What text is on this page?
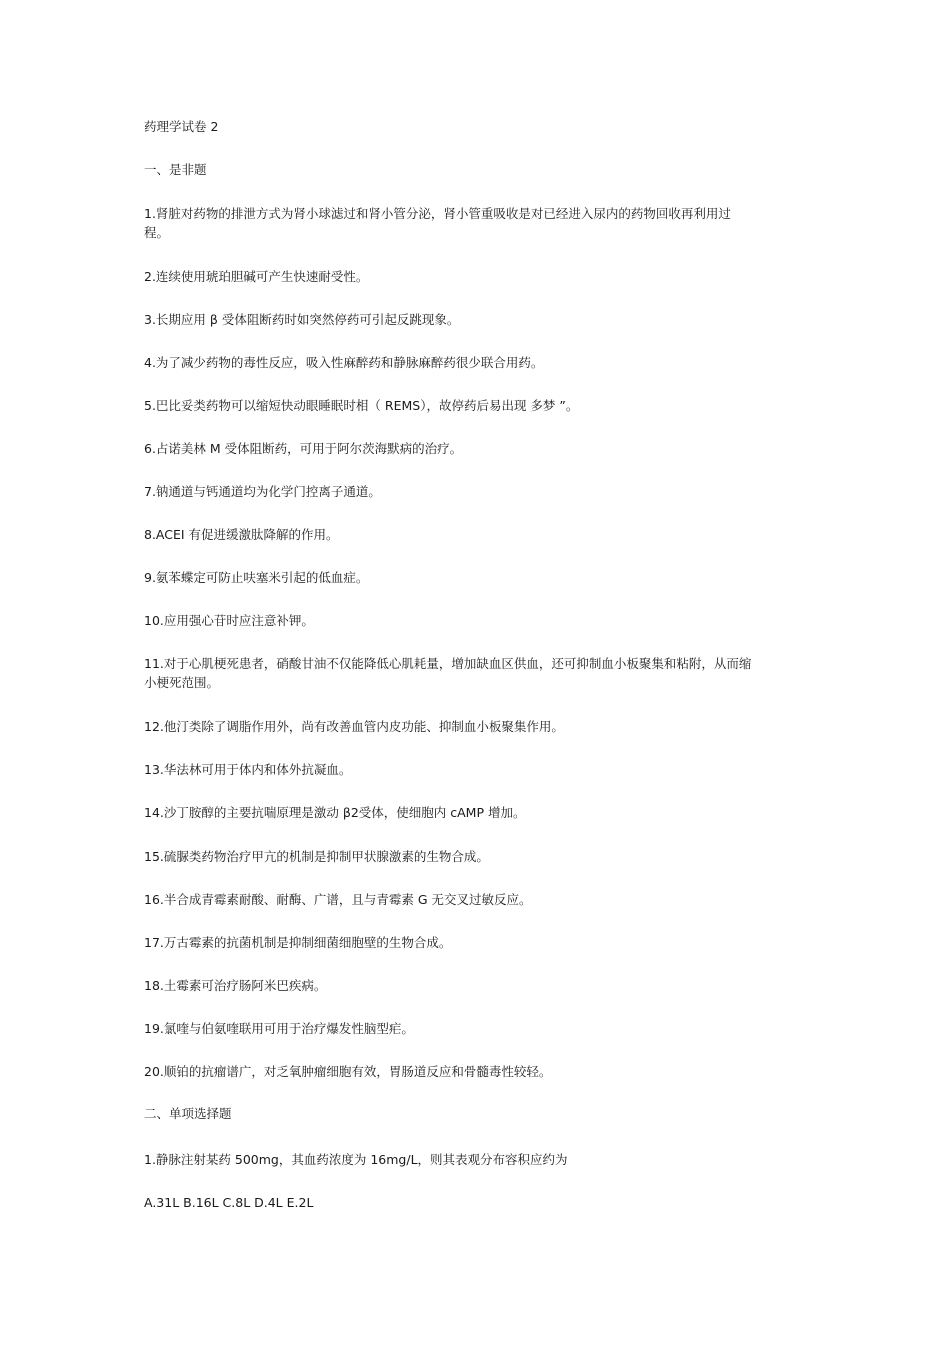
药理学试卷 2
一、是非题
1.肾脏对药物的排泄方式为肾小球滤过和肾小管分泌，肾小管重吸收是对已经进入尿内的药物回收再利用过程。
2.连续使用琥珀胆碱可产生快速耐受性。
3.长期应用 β 受体阻断药时如突然停药可引起反跳现象。
4.为了减少药物的毒性反应，吸入性麻醉药和静脉麻醉药很少联合用药。
5.巴比妥类药物可以缩短快动眼睡眠时相（ REMS），故停药后易出现 多梦 ”。
6.占诺美林 M 受体阻断药，可用于阿尔茨海默病的治疗。
7.钠通道与钙通道均为化学门控离子通道。
8.ACEI 有促进缓激肽降解的作用。
9.氨苯蝶定可防止呋塞米引起的低血症。
10.应用强心苷时应注意补钾。
11.对于心肌梗死患者，硝酸甘油不仅能降低心肌耗量，增加缺血区供血，还可抑制血小板聚集和粘附，从而缩小梗死范围。
12.他汀类除了调脂作用外，尚有改善血管内皮功能、抑制血小板聚集作用。
13.华法林可用于体内和体外抗凝血。
14.沙丁胺醇的主要抗喘原理是激动 β2受体，使细胞内 cAMP 增加。
15.硫脲类药物治疗甲亢的机制是抑制甲状腺激素的生物合成。
16.半合成青霉素耐酸、耐酶、广谱，且与青霉素 G 无交叉过敏反应。
17.万古霉素的抗菌机制是抑制细菌细胞壁的生物合成。
18.土霉素可治疗肠阿米巴疾病。
19.氯喹与伯氨喹联用可用于治疗爆发性脑型疟。
20.顺铂的抗瘤谱广，对乏氧肿瘤细胞有效，胃肠道反应和骨髓毒性较轻。
二、单项选择题
1.静脉注射某药 500mg，其血药浓度为 16mg/L，则其表观分布容积应约为
A.31L B.16L C.8L D.4L E.2L
